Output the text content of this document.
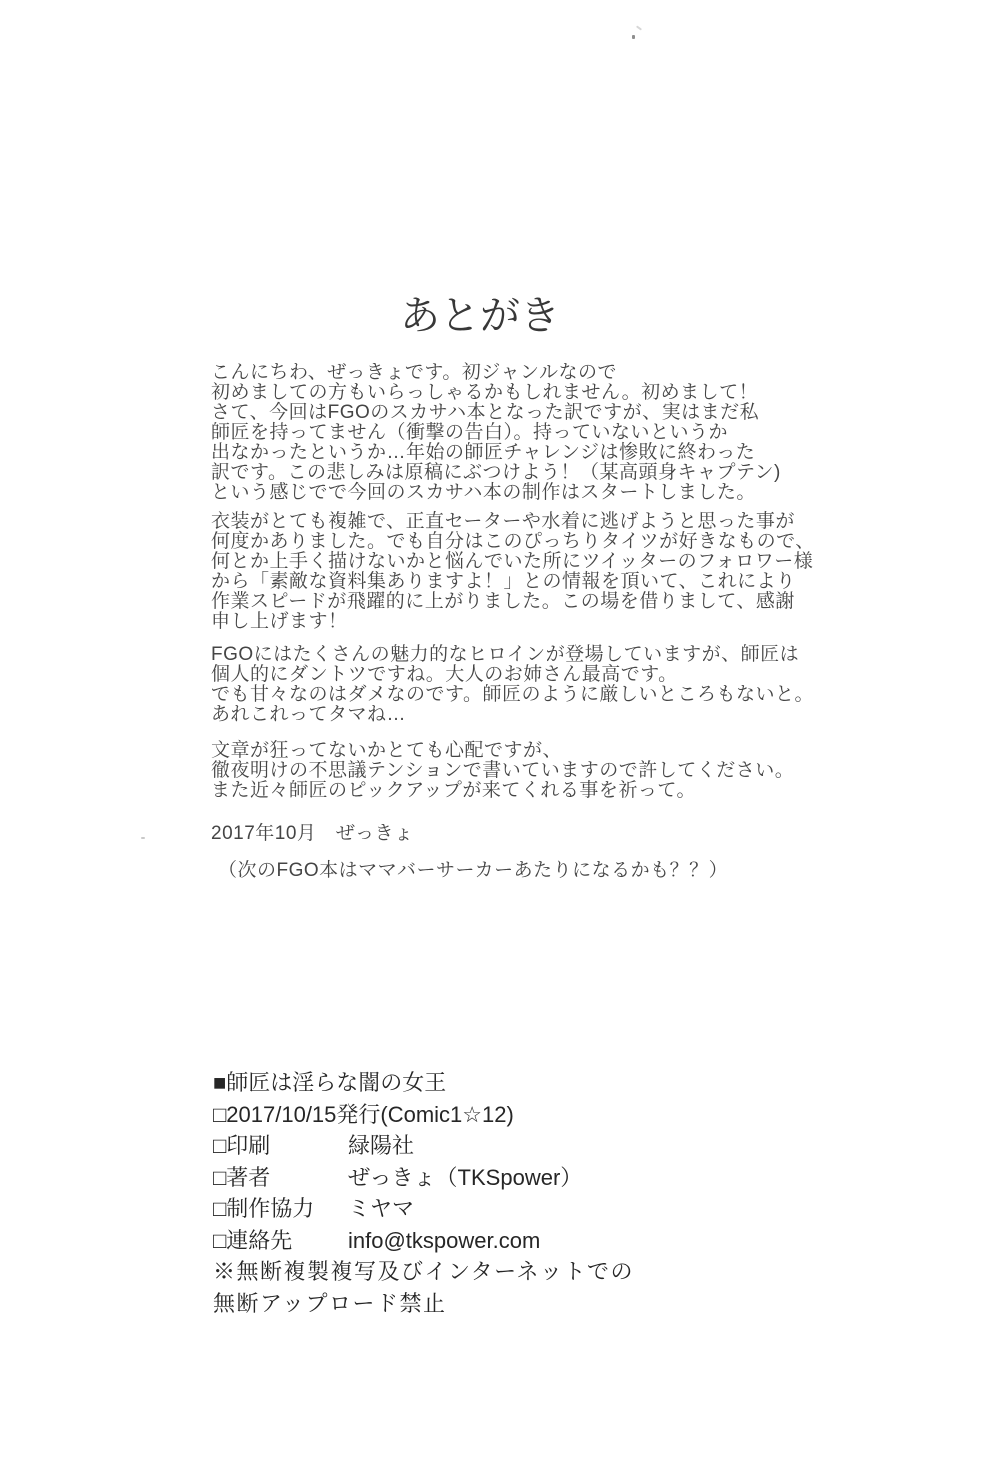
あとがき
こんにちわ、ぜっきょです。初ジャンルなので
初めましての方もいらっしゃるかもしれません。初めまして！
さて、今回はFGOのスカサハ本となった訳ですが、実はまだ私
師匠を持ってません（衝撃の告白）。持っていないというか
出なかったというか…年始の師匠チャレンジは惨敗に終わった
訳です。この悲しみは原稿にぶつけよう！（某高頭身キャプテン)
という感じでで今回のスカサハ本の制作はスタートしました。
衣装がとても複雑で、正直セーターや水着に逃げようと思った事が
何度かありました。でも自分はこのぴっちりタイツが好きなもので、
何とか上手く描けないかと悩んでいた所にツイッターのフォロワー様
から「素敵な資料集ありますよ！」との情報を頂いて、これにより
作業スピードが飛躍的に上がりました。この場を借りまして、感謝
申し上げます！
FGOにはたくさんの魅力的なヒロインが登場していますが、師匠は
個人的にダントツですね。大人のお姉さん最高です。
でも甘々なのはダメなのです。師匠のように厳しいところもないと。
あれこれってタマね…
文章が狂ってないかとても心配ですが、
徹夜明けの不思議テンションで書いていますので許してください。
また近々師匠のピックアップが来てくれる事を祈って。
2017年10月　ぜっきょ
（次のFGO本はママバーサーカーあたりになるかも？？）
■師匠は淫らな闇の女王
□2017/10/15発行(Comic1☆12)
□印刷	緑陽社
□著者	ぜっきょ（TKSpower）
□制作協力 ミヤマ
□連絡先	info@tkspower.com
※無断複製複写及びインターネットでの
無断アップロード禁止
